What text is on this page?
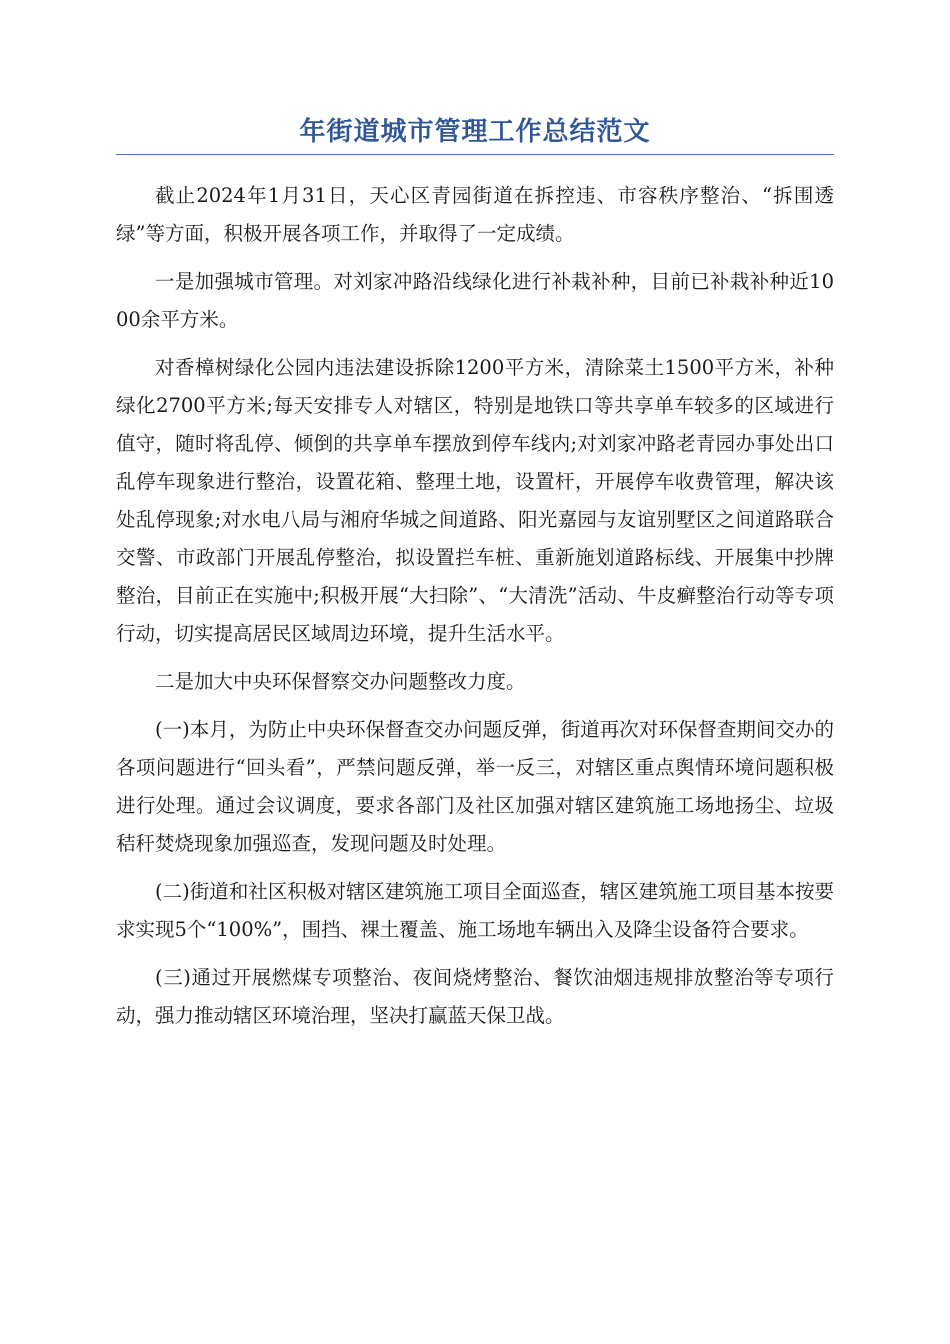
年街道城市管理工作总结范文

截止2024年1月31日，天心区青园街道在拆控违、市容秩序整治、“拆围透绿”等方面，积极开展各项工作，并取得了一定成绩。

一是加强城市管理。对刘家冲路沿线绿化进行补栽补种，目前已补栽补种近1000余平方米。

对香樟树绿化公园内违法建设拆除1200平方米，清除菜土1500平方米，补种绿化2700平方米;每天安排专人对辖区，特别是地铁口等共享单车较多的区域进行值守，随时将乱停、倾倒的共享单车摆放到停车线内;对刘家冲路老青园办事处出口乱停车现象进行整治，设置花箱、整理土地，设置杆，开展停车收费管理，解决该处乱停现象;对水电八局与湘府华城之间道路、阳光嘉园与友谊别墅区之间道路联合交警、市政部门开展乱停整治，拟设置拦车桩、重新施划道路标线、开展集中抄牌整治，目前正在实施中;积极开展“大扫除”、“大清洗”活动、牛皮癣整治行动等专项行动，切实提高居民区域周边环境，提升生活水平。

二是加大中央环保督察交办问题整改力度。

(一)本月，为防止中央环保督查交办问题反弹，街道再次对环保督查期间交办的各项问题进行“回头看”，严禁问题反弹，举一反三，对辖区重点舆情环境问题积极进行处理。通过会议调度，要求各部门及社区加强对辖区建筑施工场地扬尘、垃圾秸秆焚烧现象加强巡查，发现问题及时处理。

(二)街道和社区积极对辖区建筑施工项目全面巡查，辖区建筑施工项目基本按要求实现5个“100%”，围挡、裸土覆盖、施工场地车辆出入及降尘设备符合要求。

(三)通过开展燃煤专项整治、夜间烧烤整治、餐饮油烟违规排放整治等专项行动，强力推动辖区环境治理，坚决打赢蓝天保卫战。
